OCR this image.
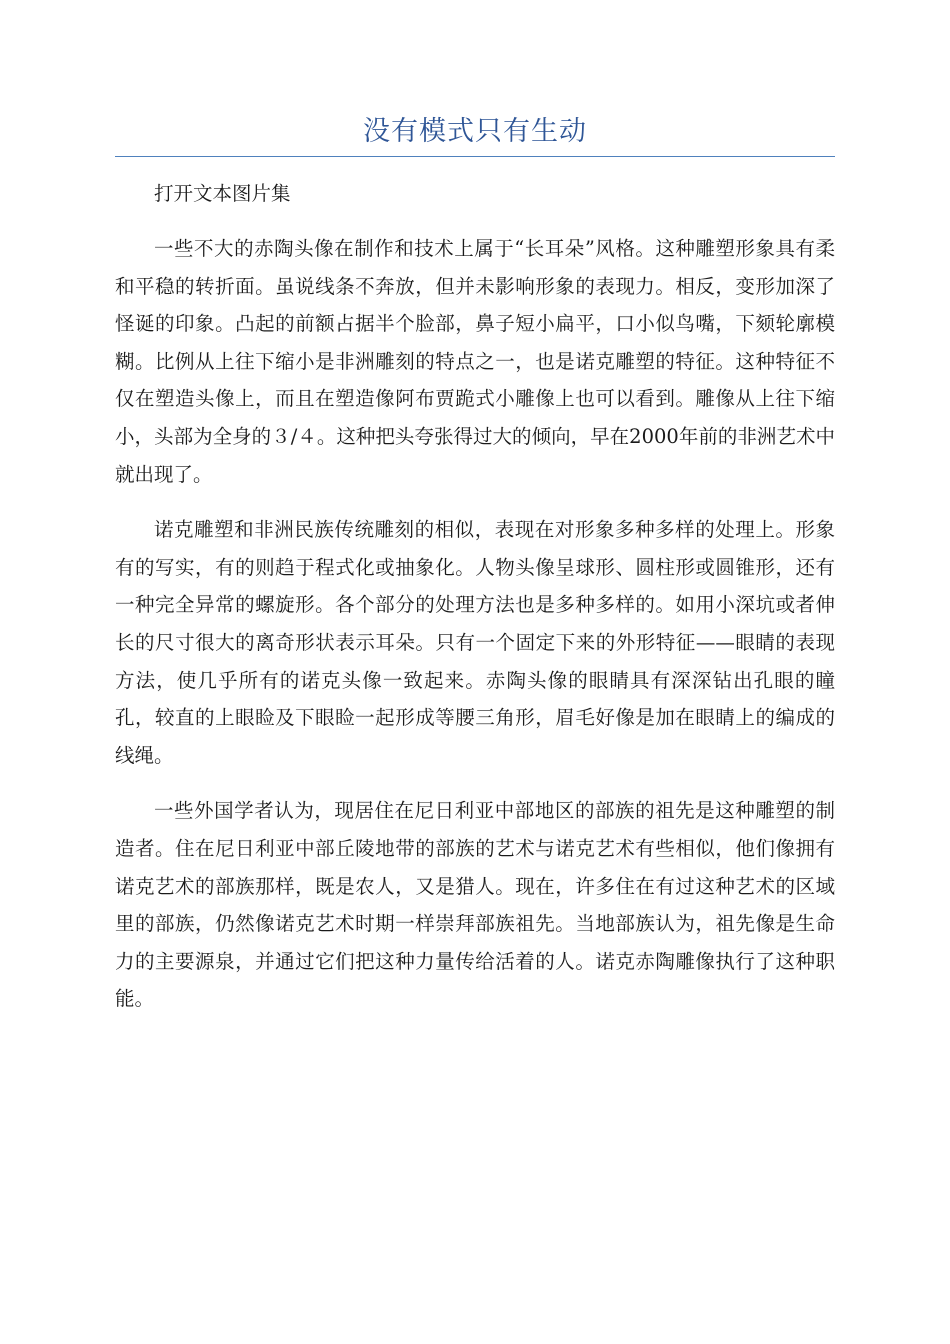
没有模式只有生动

打开文本图片集

一些不大的赤陶头像在制作和技术上属于“长耳朵”风格。这种雕塑形象具有柔和平稳的转折面。虽说线条不奔放，但并未影响形象的表现力。相反，变形加深了怪诞的印象。凸起的前额占据半个脸部，鼻子短小扁平，口小似鸟嘴，下颏轮廓模糊。比例从上往下缩小是非洲雕刻的特点之一，也是诺克雕塑的特征。这种特征不仅在塑造头像上，而且在塑造像阿布贾跪式小雕像上也可以看到。雕像从上往下缩小，头部为全身的３/４。这种把头夸张得过大的倾向，早在2000年前的非洲艺术中就出现了。

诺克雕塑和非洲民族传统雕刻的相似，表现在对形象多种多样的处理上。形象有的写实，有的则趋于程式化或抽象化。人物头像呈球形、圆柱形或圆锥形，还有一种完全异常的螺旋形。各个部分的处理方法也是多种多样的。如用小深坑或者伸长的尺寸很大的离奇形状表示耳朵。只有一个固定下来的外形特征——眼睛的表现方法，使几乎所有的诺克头像一致起来。赤陶头像的眼睛具有深深钻出孔眼的瞳孔，较直的上眼睑及下眼睑一起形成等腰三角形，眉毛好像是加在眼睛上的编成的线绳。

一些外国学者认为，现居住在尼日利亚中部地区的部族的祖先是这种雕塑的制造者。住在尼日利亚中部丘陵地带的部族的艺术与诺克艺术有些相似，他们像拥有诺克艺术的部族那样，既是农人，又是猎人。现在，许多住在有过这种艺术的区域里的部族，仍然像诺克艺术时期一样崇拜部族祖先。当地部族认为，祖先像是生命力的主要源泉，并通过它们把这种力量传给活着的人。诺克赤陶雕像执行了这种职能。
